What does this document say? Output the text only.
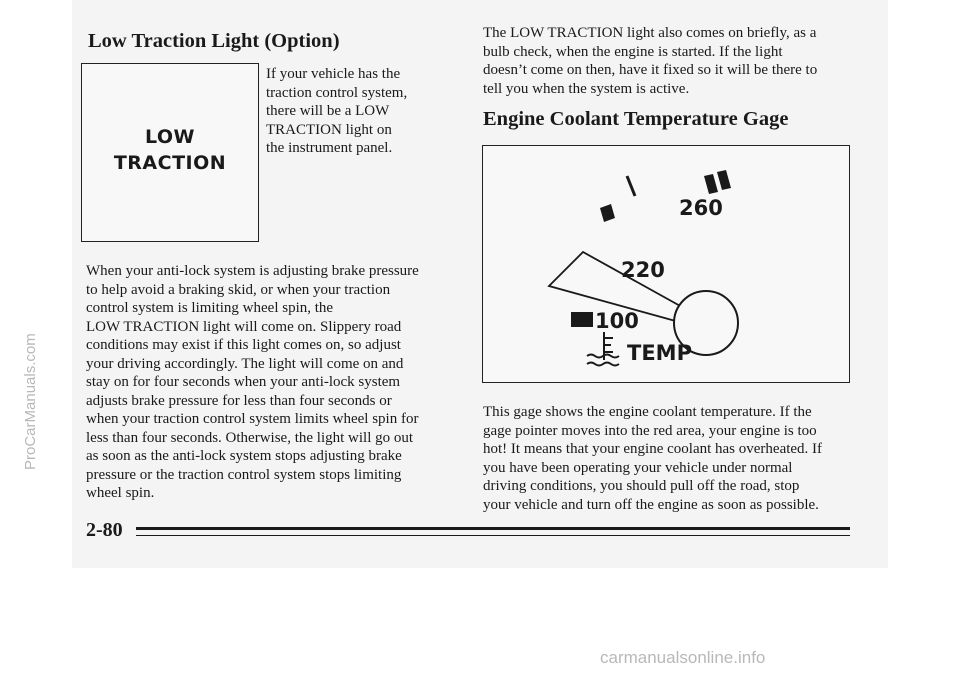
Low Traction Light (Option)
LOW
TRACTION

If your vehicle has the

traction control system,

there will be a LOW

TRACTION light on

the instrument panel.

When your anti-lock system is adjusting brake pressure

to help avoid a braking skid, or when your traction

control system is limiting wheel spin, the

LOW TRACTION light will come on. Slippery road

conditions may exist if this light comes on, so adjust

your driving accordingly. The light will come on and

stay on for four seconds when your anti-lock system

adjusts brake pressure for less than four seconds or

when your traction control system limits wheel spin for

less than four seconds. Otherwise, the light will go out

as soon as the anti-lock system stops adjusting brake

pressure or the traction control system stops limiting

wheel spin.

The LOW TRACTION light also comes on briefly, as a

bulb check, when the engine is started. If the light

doesn’t come on then, have it fixed so it will be there to

tell you when the system is active.

Engine Coolant Temperature Gage
260
220
100
TEMP

This gage shows the engine coolant temperature. If the

gage pointer moves into the red area, your engine is too

hot! It means that your engine coolant has overheated. If

you have been operating your vehicle under normal

driving conditions, you should pull off the road, stop

your vehicle and turn off the engine as soon as possible.

2-80
ProCarManuals.com
carmanualsonline.info
